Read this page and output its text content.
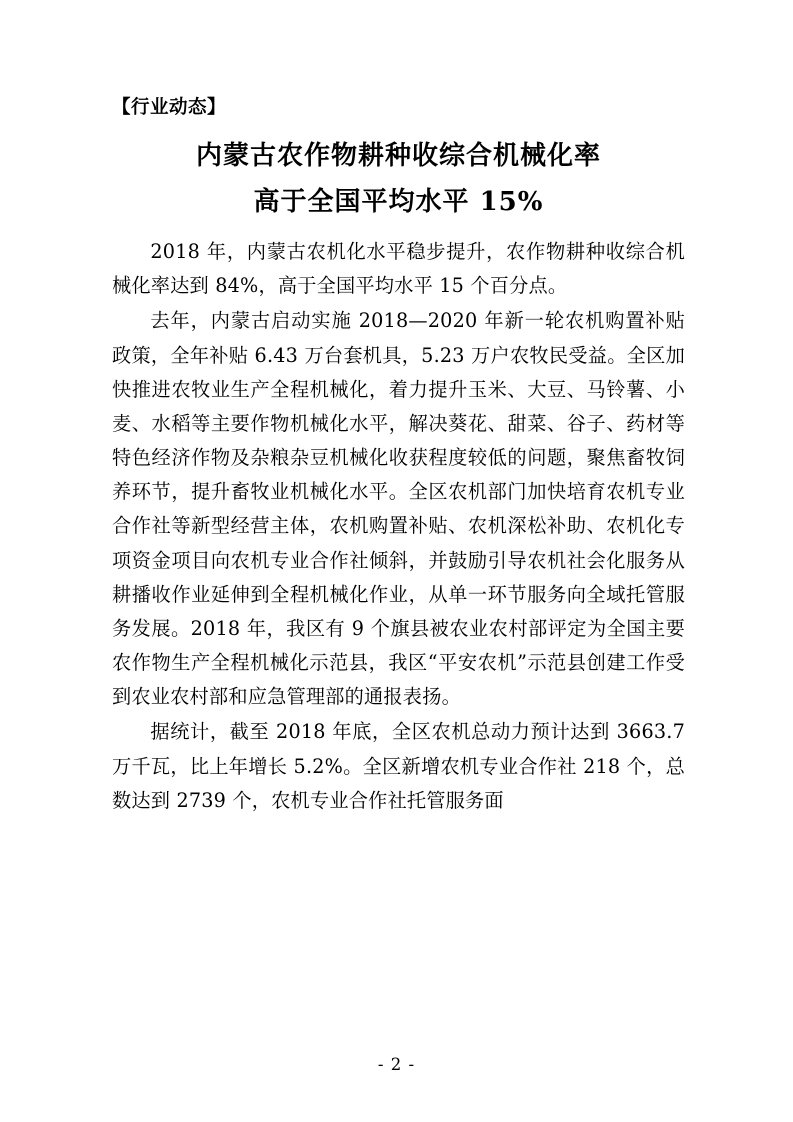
【行业动态】
内蒙古农作物耕种收综合机械化率
高于全国平均水平 15%

2018 年，内蒙古农机化水平稳步提升，农作物耕种收综合机械化率达到 84%，高于全国平均水平 15 个百分点。

去年，内蒙古启动实施 2018—2020 年新一轮农机购置补贴政策，全年补贴 6.43 万台套机具，5.23 万户农牧民受益。全区加快推进农牧业生产全程机械化，着力提升玉米、大豆、马铃薯、小麦、水稻等主要作物机械化水平，解决葵花、甜菜、谷子、药材等特色经济作物及杂粮杂豆机械化收获程度较低的问题，聚焦畜牧饲养环节，提升畜牧业机械化水平。全区农机部门加快培育农机专业合作社等新型经营主体，农机购置补贴、农机深松补助、农机化专项资金项目向农机专业合作社倾斜，并鼓励引导农机社会化服务从耕播收作业延伸到全程机械化作业，从单一环节服务向全域托管服务发展。2018 年，我区有 9 个旗县被农业农村部评定为全国主要农作物生产全程机械化示范县，我区“平安农机”示范县创建工作受到农业农村部和应急管理部的通报表扬。

据统计，截至 2018 年底，全区农机总动力预计达到 3663.7 万千瓦，比上年增长 5.2%。全区新增农机专业合作社 218 个，总数达到 2739 个，农机专业合作社托管服务面

- 2 -
